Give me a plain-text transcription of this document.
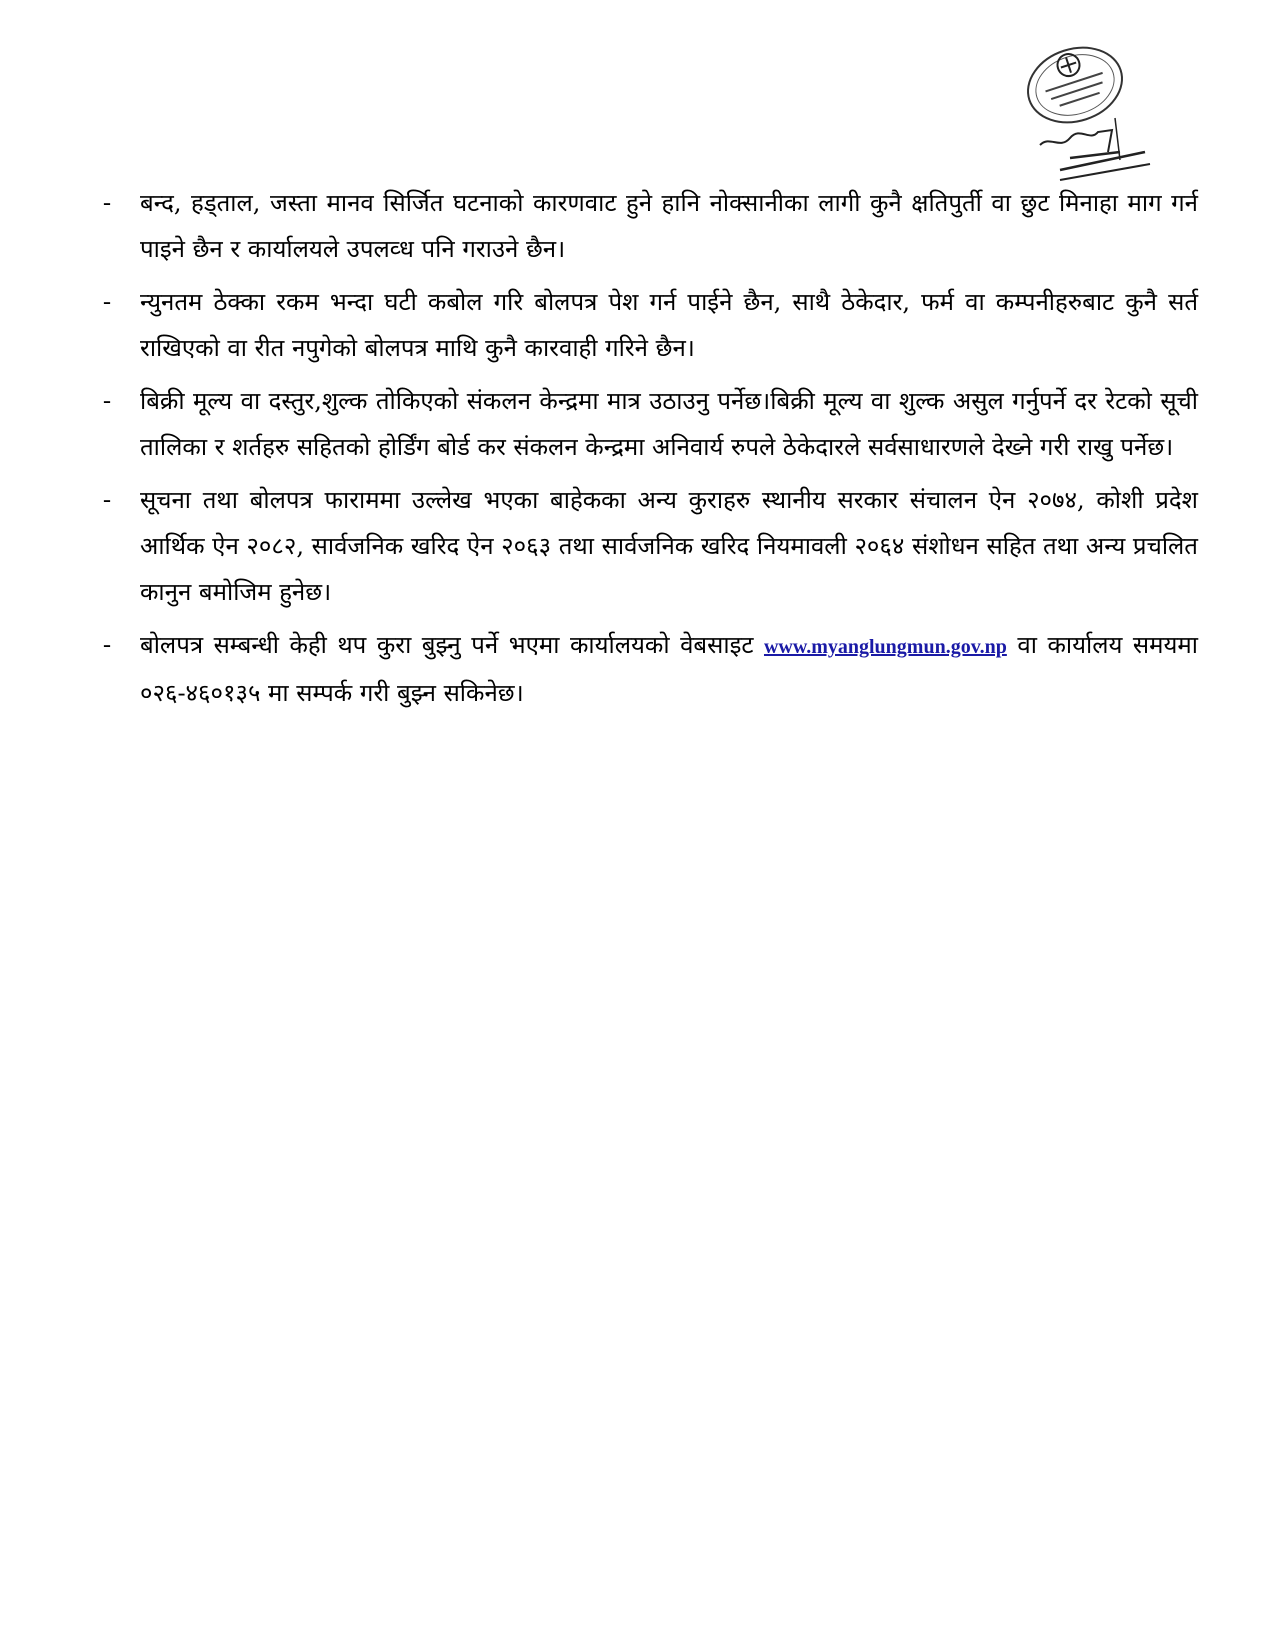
- बन्द, हड्ताल, जस्ता मानव सिर्जित घटनाको कारणवाट हुने हानि नोक्सानीका लागी कुनै क्षतिपुर्ती वा छुट मिनाहा माग गर्न पाइने छैन र कार्यालयले उपलव्ध पनि गराउने छैन।
- न्युनतम ठेक्का रकम भन्दा घटी कबोल गरि बोलपत्र पेश गर्न पाईने छैन, साथै ठेकेदार, फर्म वा कम्पनीहरुबाट कुनै सर्त राखिएको वा रीत नपुगेको बोलपत्र माथि कुनै कारवाही गरिने छैन।
- बिक्री मूल्य वा दस्तुर,शुल्क तोकिएको संकलन केन्द्रमा मात्र उठाउनु पर्नेछ।बिक्री मूल्य वा शुल्क असुल गर्नुपर्ने दर रेटको सूची तालिका र शर्तहरु सहितको होर्डिंग बोर्ड कर संकलन केन्द्रमा अनिवार्य रुपले ठेकेदारले सर्वसाधारणले देख्ने गरी राखु पर्नेछ।
- सूचना तथा बोलपत्र फाराममा उल्लेख भएका बाहेकका अन्य कुराहरु स्थानीय सरकार संचालन ऐन २०७४, कोशी प्रदेश आर्थिक ऐन २०८२, सार्वजनिक खरिद ऐन २०६३ तथा सार्वजनिक खरिद नियमावली २०६४ संशोधन सहित तथा अन्य प्रचलित कानुन बमोजिम हुनेछ।
- बोलपत्र सम्बन्धी केही थप कुरा बुझ्नु पर्ने भएमा कार्यालयको वेबसाइट www.myanglungmun.gov.np वा कार्यालय समयमा ०२६-४६०१३५ मा सम्पर्क गरी बुझ्न सकिनेछ।
